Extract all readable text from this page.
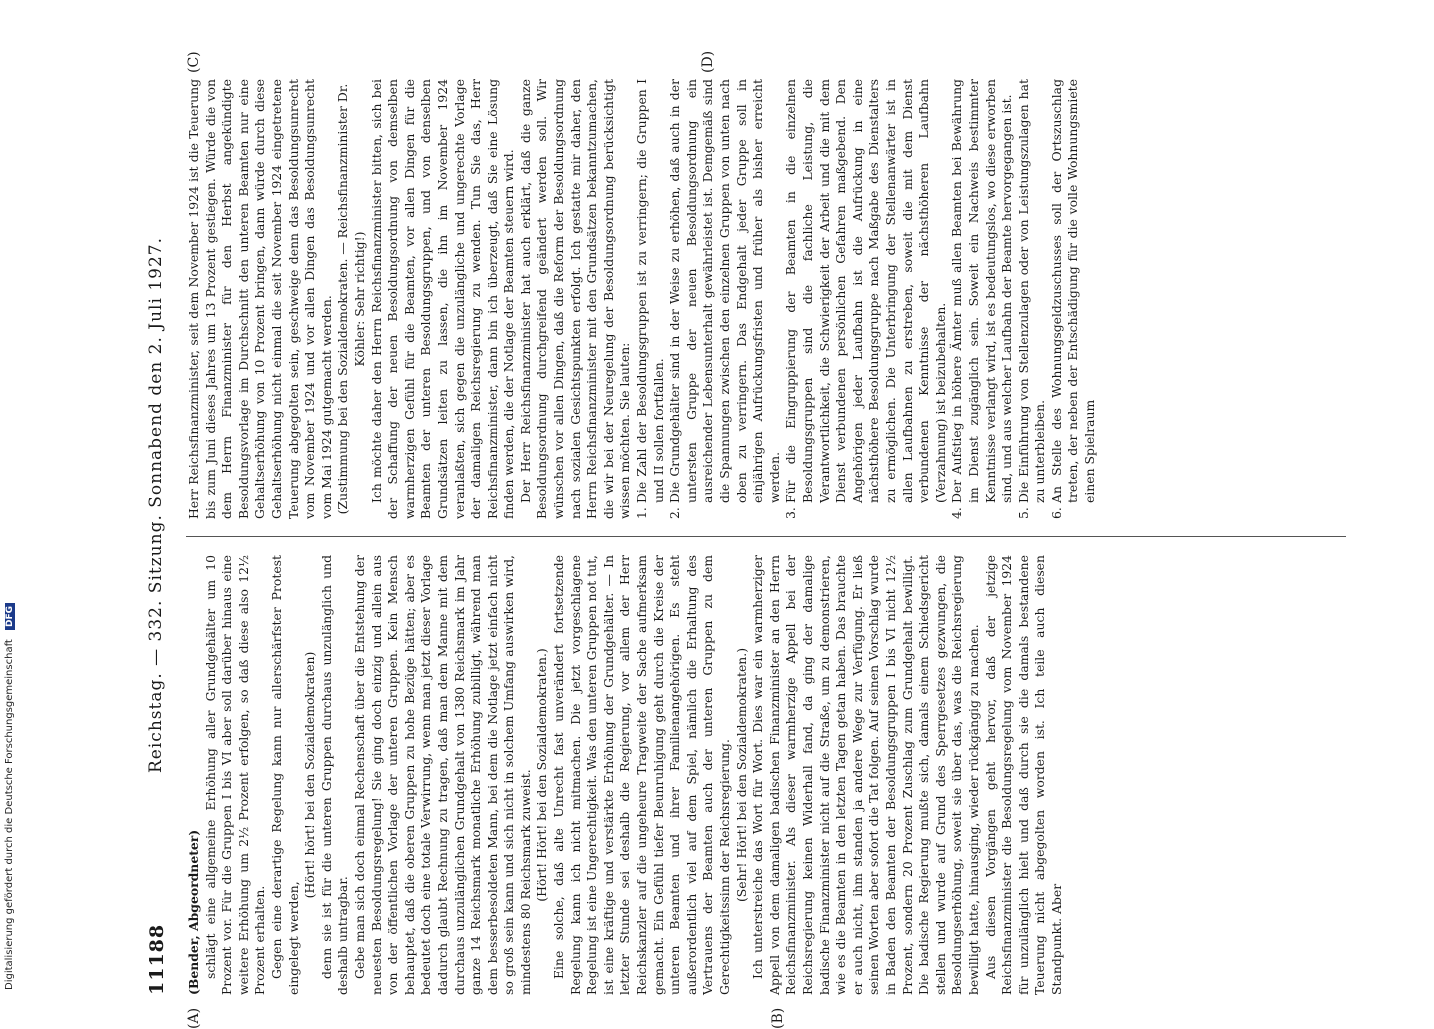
11188
Reichstag. — 332. Sitzung. Sonnabend den 2. Juli 1927.
(A)	(B)
(C)	(D)

(Bender, Abgeordneter) schlägt eine allgemeine Erhöhung aller Grundgehälter um 10 Prozent vor. Für die Gruppen I bis VI aber soll darüber hinaus eine weitere Erhöhung um 2½ Prozent erfolgen, so daß diese also 12½ Prozent erhalten. Gegen eine derartige Regelung kann nur allerschärfster Protest eingelegt werden,

(Hört! hört! bei den Sozialdemokraten) denn sie ist für die unteren Gruppen durchaus unzulänglich und deshalb untragbar. Gebe man sich doch einmal Rechenschaft über die Entstehung der neuesten Besoldungsregelung! Sie ging doch einzig und allein aus von der öffentlichen Vorlage der unteren Gruppen. Kein Mensch behauptet, daß die oberen Gruppen zu hohe Bezüge hätten; aber es bedeutet doch eine totale Verwirrung, wenn man jetzt dieser Vorlage dadurch glaubt Rechnung zu tragen, daß man dem Manne mit dem durchaus unzulänglichen Grundgehalt von 1380 Reichsmark im Jahr ganze 14 Reichsmark monatliche Erhöhung zubilligt, während man dem besserbesoldeten Mann, bei dem die Notlage jetzt einfach nicht so groß sein kann und sich nicht in solchem Umfang auswirken wird, mindestens 80 Reichsmark zuweist. (Hört! Hört! bei den Sozialdemokraten.) Eine solche, daß alte Unrecht fast unverändert fortsetzende Regelung kann ich nicht mitmachen. Die jetzt vorgeschlagene Regelung ist eine Ungerechtigkeit. Was den unteren Gruppen not tut, ist eine kräftige und verstärkte Erhöhung der Grundgehälter. — In letzter Stunde sei deshalb die Regierung, vor allem der Herr Reichskanzler auf die ungeheure Tragweite der Sache aufmerksam gemacht. Ein Gefühl tiefer Beunruhigung geht durch die Kreise der unteren Beamten und ihrer Familienangehörigen. Es steht außerordentlich viel auf dem Spiel, nämlich die Erhaltung des Vertrauens der Beamten auch der unteren Gruppen zu dem Gerechtigkeitssinn der Reichsregierung. (Sehr! Hört! bei den Sozialdemokraten.) Ich unterstreiche das Wort für Wort. Dies war ein warmherziger Appell von dem damaligen badischen Finanzminister an den Herrn Reichsfinanzminister. Als dieser warmherzige Appell bei der Reichsregierung keinen Widerhall fand, da ging der damalige badische Finanzminister nicht auf die Straße, um zu demonstrieren, wie es die Beamten in den letzten Tagen getan haben. Das brauchte er auch nicht, ihm standen ja andere Wege zur Verfügung. Er ließ seinen Worten aber sofort die Tat folgen. Auf seinen Vorschlag wurde in Baden den Beamten der Besoldungsgruppen I bis VI nicht 12½ Prozent, sondern 20 Prozent Zuschlag zum Grundgehalt bewilligt. Die badische Regierung mußte sich, damals einem Schiedsgericht stellen und wurde auf Grund des Sperrgesetzes gezwungen, die Besoldungserhöhung, soweit sie über das, was die Reichsregierung bewilligt hatte, hinausging, wieder rückgängig zu machen. Aus diesen Vorgängen geht hervor, daß der jetzige Reichsfinanzminister die Besoldungsregelung vom November 1924 für unzulänglich hielt und daß durch sie die damals bestandene Teuerung nicht abgegolten worden ist. Ich teile auch diesen Standpunkt. Aber

Herr Reichsfinanzminister, seit dem November 1924 ist die Teuerung bis zum Juni dieses Jahres um 13 Prozent gestiegen. Würde die von dem Herrn Finanzminister für den Herbst angekündigte Besoldungsvorlage im Durchschnitt den unteren Beamten nur eine Gehaltserhöhung von 10 Prozent bringen, dann würde durch diese Gehaltserhöhung nicht einmal die seit November 1924 eingetretene Teuerung abgegolten sein, geschweige denn das Besoldungsunrecht vom November 1924 und vor allen Dingen das Besoldungsunrecht vom Mai 1924 gutgemacht werden. (Zustimmung bei den Sozialdemokraten. — Reichsfinanzminister Dr. Köhler: Sehr richtig!) Ich möchte daher den Herrn Reichsfinanzminister bitten, sich bei der Schaffung der neuen Besoldungsordnung von demselben warmherzigen Gefühl für die Beamten, vor allen Dingen für die Beamten der unteren Besoldungsgruppen, und von denselben Grundsätzen leiten zu lassen, die ihn im November 1924 veranlaßten, sich gegen die unzulängliche und ungerechte Vorlage der damaligen Reichsregierung zu wenden. Tun Sie das, Herr Reichsfinanzminister, dann bin ich überzeugt, daß Sie eine Lösung finden werden, die der Notlage der Beamten steuern wird. Der Herr Reichsfinanzminister hat auch erklärt, daß die ganze Besoldungsordnung durchgreifend geändert werden soll. Wir wünschen vor allen Dingen, daß die Reform der Besoldungsordnung nach sozialen Gesichtspunkten erfolgt. Ich gestatte mir daher, den Herrn Reichsfinanzminister mit den Grundsätzen bekanntzumachen, die wir bei der Neuregelung der Besoldungsordnung berücksichtigt wissen möchten. Sie lauten: 1.
Die Zahl der Besoldungsgruppen ist zu verringern; die Gruppen I und II sollen fortfallen.
2.
Die Grundgehälter sind in der Weise zu erhöhen, daß auch in der untersten Gruppe der neuen Besoldungsordnung ein ausreichender Lebensunterhalt gewährleistet ist. Demgemäß sind die Spannungen zwischen den einzelnen Gruppen von unten nach oben zu verringern. Das Endgehalt jeder Gruppe soll in einjährigen Aufrückungsfristen und früher als bisher erreicht werden.
3.
Für die Eingruppierung der Beamten in die einzelnen Besoldungsgruppen sind die fachliche Leistung, die Verantwortlichkeit, die Schwierigkeit der Arbeit und die mit dem Dienst verbundenen persönlichen Gefahren maßgebend. Den Angehörigen jeder Laufbahn ist die Aufrückung in eine nächsthöhere Besoldungsgruppe nach Maßgabe des Dienstalters zu ermöglichen. Die Unterbringung der Stellenanwärter ist in allen Laufbahnen zu erstreben, soweit die mit dem Dienst verbundenen Kenntnisse der nächsthöheren Laufbahn (Verzahnung) ist beizubehalten.
4.
Der Aufstieg in höhere Ämter muß allen Beamten bei Bewährung im Dienst zugänglich sein. Soweit ein Nachweis bestimmter Kenntnisse verlangt wird, ist es bedeutungslos, wo diese erworben sind, und aus welcher Laufbahn der Beamte hervorgegangen ist.
5.
Die Einführung von Stellenzulagen oder von Leistungszulagen hat zu unterbleiben.
6.
An Stelle des Wohnungsgeldzuschusses soll der Ortszuschlag treten, der neben der Entschädigung für die volle Wohnungsmiete einen Spielraum
Digitalisierung gefördert durch die Deutsche Forschungsgemeinschaft DFG
